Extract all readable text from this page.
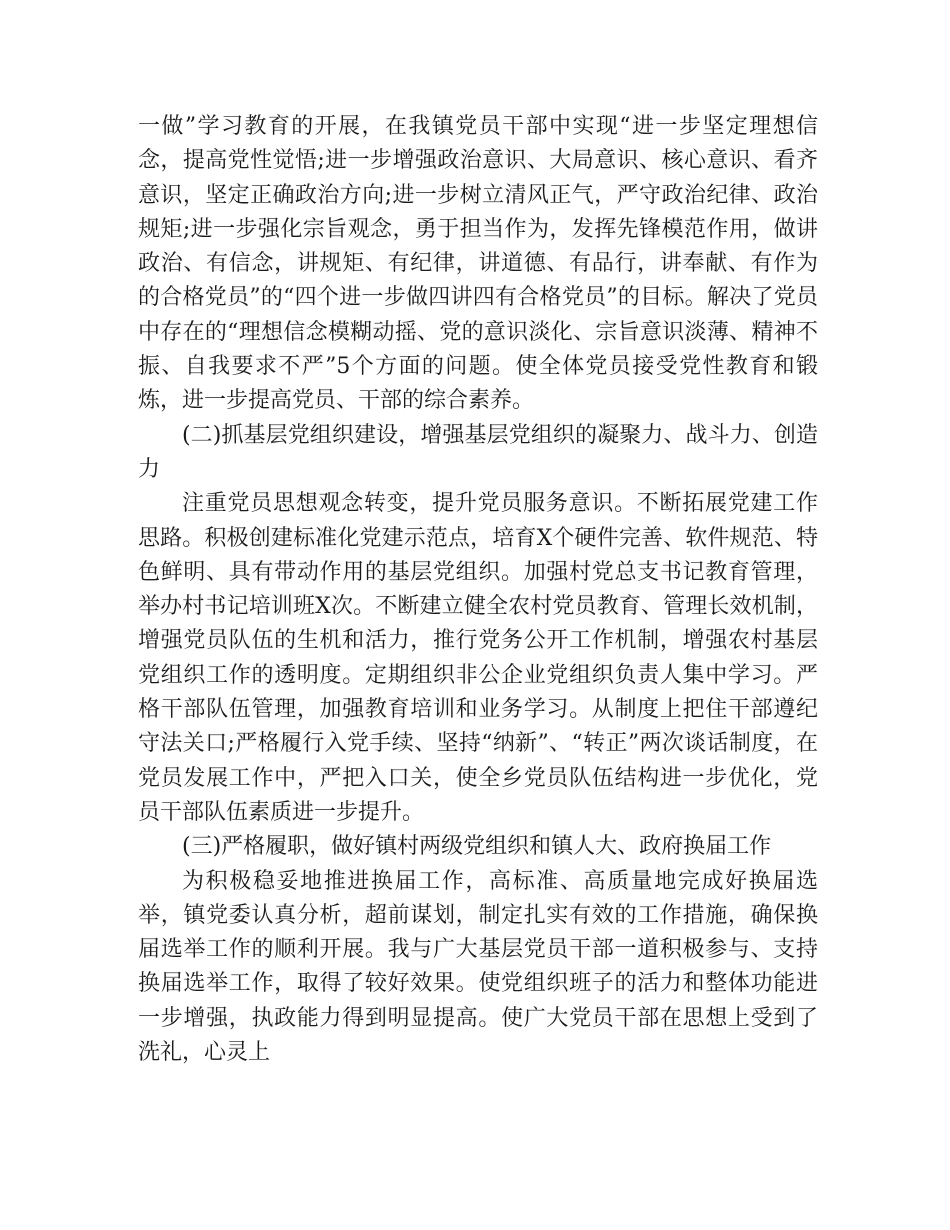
一做”学习教育的开展，在我镇党员干部中实现“进一步坚定理想信念，提高党性觉悟;进一步增强政治意识、大局意识、核心意识、看齐意识，坚定正确政治方向;进一步树立清风正气，严守政治纪律、政治规矩;进一步强化宗旨观念，勇于担当作为，发挥先锋模范作用，做讲政治、有信念，讲规矩、有纪律，讲道德、有品行，讲奉献、有作为的合格党员”的“四个进一步做四讲四有合格党员”的目标。解决了党员中存在的“理想信念模糊动摇、党的意识淡化、宗旨意识淡薄、精神不振、自我要求不严”5个方面的问题。使全体党员接受党性教育和锻炼，进一步提高党员、干部的综合素养。

(二)抓基层党组织建设，增强基层党组织的凝聚力、战斗力、创造力

注重党员思想观念转变，提升党员服务意识。不断拓展党建工作思路。积极创建标准化党建示范点，培育X个硬件完善、软件规范、特色鲜明、具有带动作用的基层党组织。加强村党总支书记教育管理，举办村书记培训班X次。不断建立健全农村党员教育、管理长效机制，增强党员队伍的生机和活力，推行党务公开工作机制，增强农村基层党组织工作的透明度。定期组织非公企业党组织负责人集中学习。严格干部队伍管理，加强教育培训和业务学习。从制度上把住干部遵纪守法关口;严格履行入党手续、坚持“纳新”、“转正”两次谈话制度，在党员发展工作中，严把入口关，使全乡党员队伍结构进一步优化，党员干部队伍素质进一步提升。

(三)严格履职，做好镇村两级党组织和镇人大、政府换届工作

为积极稳妥地推进换届工作，高标准、高质量地完成好换届选举，镇党委认真分析，超前谋划，制定扎实有效的工作措施，确保换届选举工作的顺利开展。我与广大基层党员干部一道积极参与、支持换届选举工作，取得了较好效果。使党组织班子的活力和整体功能进一步增强，执政能力得到明显提高。使广大党员干部在思想上受到了洗礼，心灵上
